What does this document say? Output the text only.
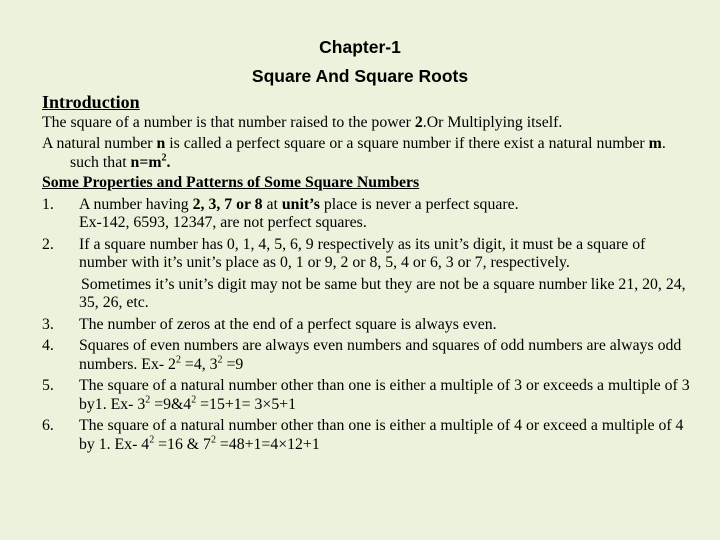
Chapter-1
Square And Square Roots
Introduction
The square of a number is that number raised to the power 2.Or Multiplying itself.
A natural number n is called a perfect square or a square number if there exist a natural number m. such that $n=m^2$.
Some Properties and Patterns of Some Square Numbers
1.	A number having 2, 3, 7 or 8 at unit’s place is never a perfect square.
Ex-142, 6593, 12347, are not perfect squares.
2.	If a square number has 0, 1, 4, 5, 6, 9 respectively as its unit’s digit, it must be a square of number with it’s unit’s place as 0, 1 or 9, 2 or 8, 5, 4 or 6, 3 or 7, respectively.
Sometimes it’s unit’s digit may not be same but they are not be a square number like 21, 20, 24, 35, 26, etc.
3.	The number of zeros at the end of a perfect square is always even.
4.	Squares of even numbers are always even numbers and squares of odd numbers are always odd numbers. Ex- $2^2 =4$, $3^2 =9$
5.	The square of a natural number other than one is either a multiple of 3 or exceeds a multiple of 3 by1. Ex- $3^2$ $=9\&4^2 =15+1= 3\times 5+1$
6.	The square of a natural number other than one is either a multiple of 4 or exceed a multiple of 4 by 1. Ex- $4^2 =16$ & $7^2 =48+1=4\times 12+1$
